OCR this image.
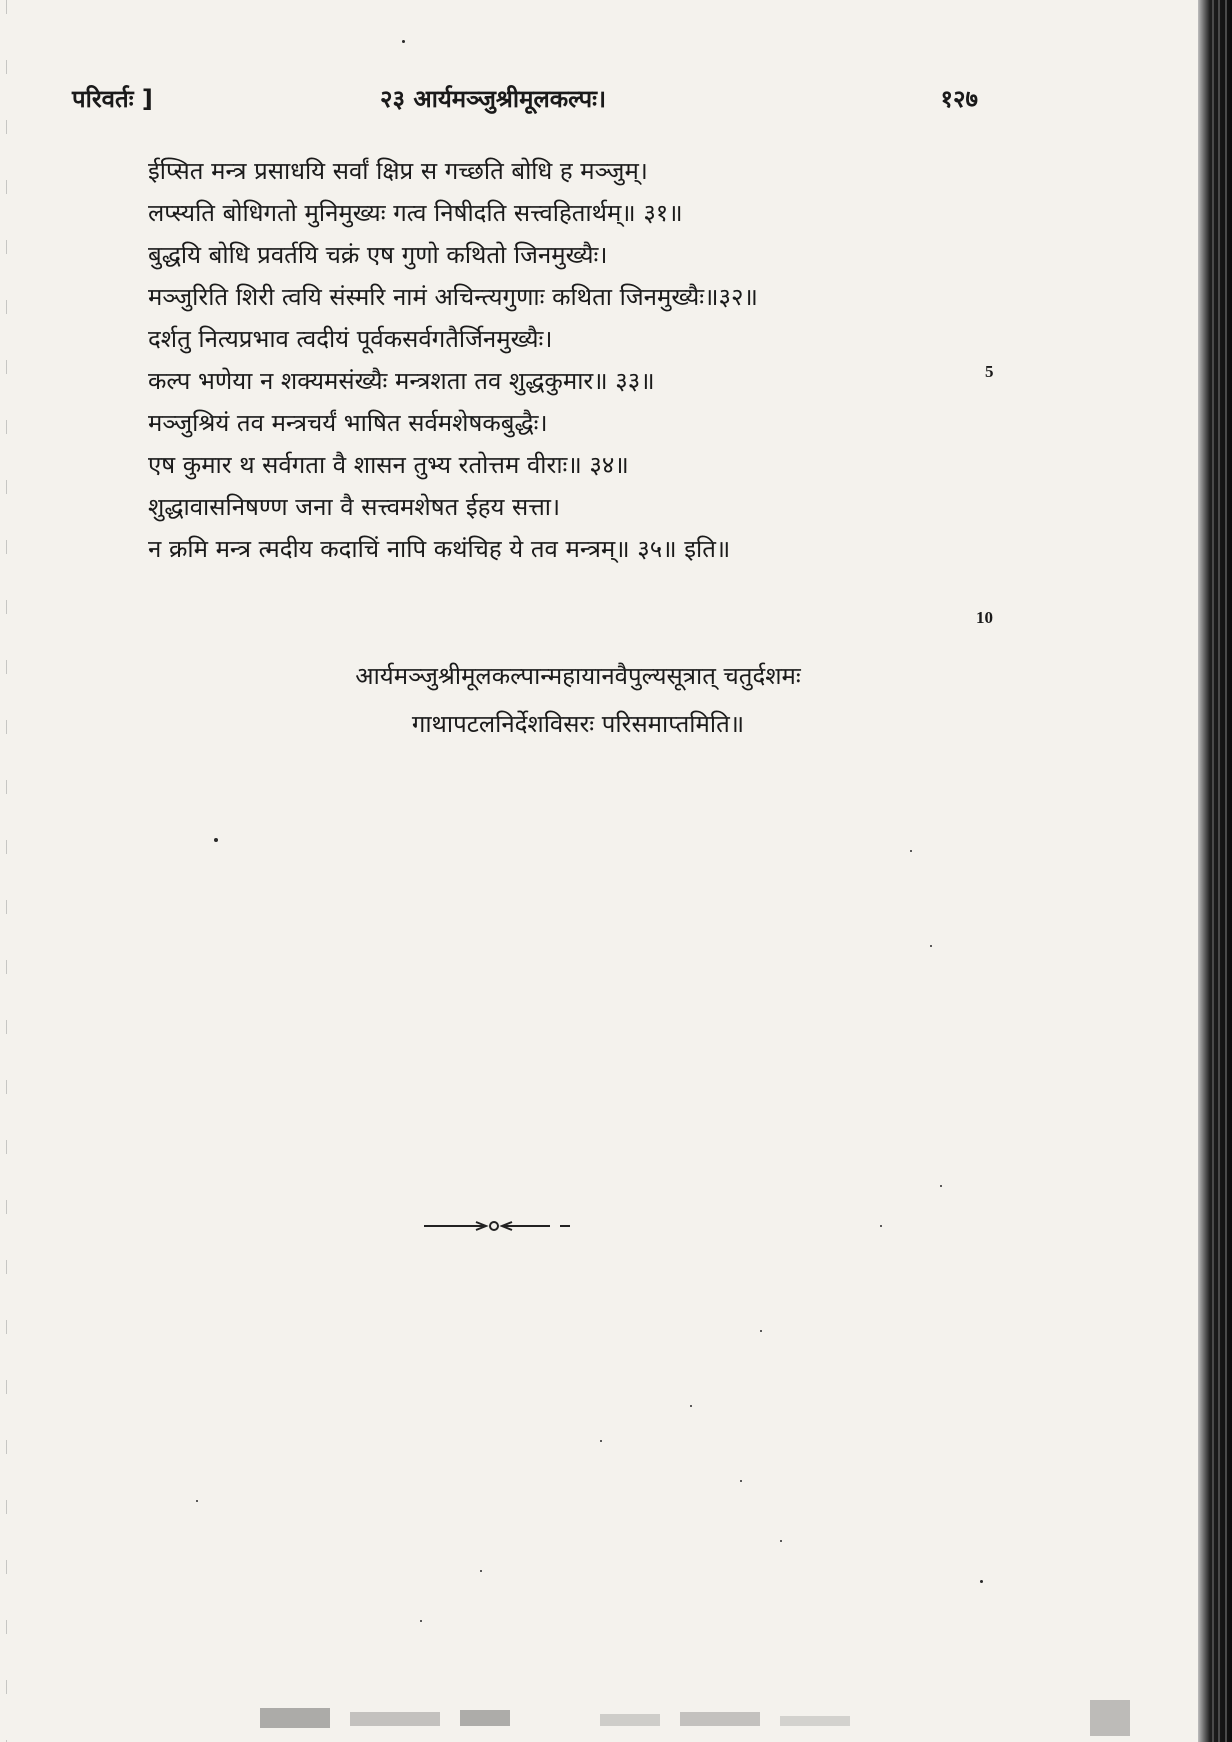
परिवर्तः ]	२३ आर्यमञ्जुश्रीमूलकल्पः।	१२७
ईप्सित मन्त्र प्रसाधयि सर्वां क्षिप्र स गच्छति बोधि ह मञ्जुम्।
लप्स्यति बोधिगतो मुनिमुख्यः गत्व निषीदति सत्त्वहितार्थम्॥ ३१॥
बुद्धयि बोधि प्रवर्तयि चक्रं एष गुणो कथितो जिनमुख्यैः।
मञ्जुरिति शिरी त्वयि संस्मरि नामं अचिन्त्यगुणाः कथिता जिनमुख्यैः॥३२॥
दर्शतु नित्यप्रभाव त्वदीयं पूर्वकसर्वगतैर्जिनमुख्यैः।
कल्प भणेया न शक्यमसंख्यैः मन्त्रशता तव शुद्धकुमार॥ ३३॥
मञ्जुश्रियं तव मन्त्रचर्यं भाषित सर्वमशेषकबुद्धैः।
एष कुमार थ सर्वगता वै शासन तुभ्य रतोत्तम वीराः॥ ३४॥
शुद्धावासनिषण्ण जना वै सत्त्वमशेषत ईहय सत्ता।
न क्रमि मन्त्र त्मदीय कदाचिं नापि कथंचिह ये तव मन्त्रम्॥ ३५॥ इति॥
5
10
आर्यमञ्जुश्रीमूलकल्पान्महायानवैपुल्यसूत्रात् चतुर्दशमः
गाथापटलनिर्देशविसरः परिसमाप्तमिति॥
